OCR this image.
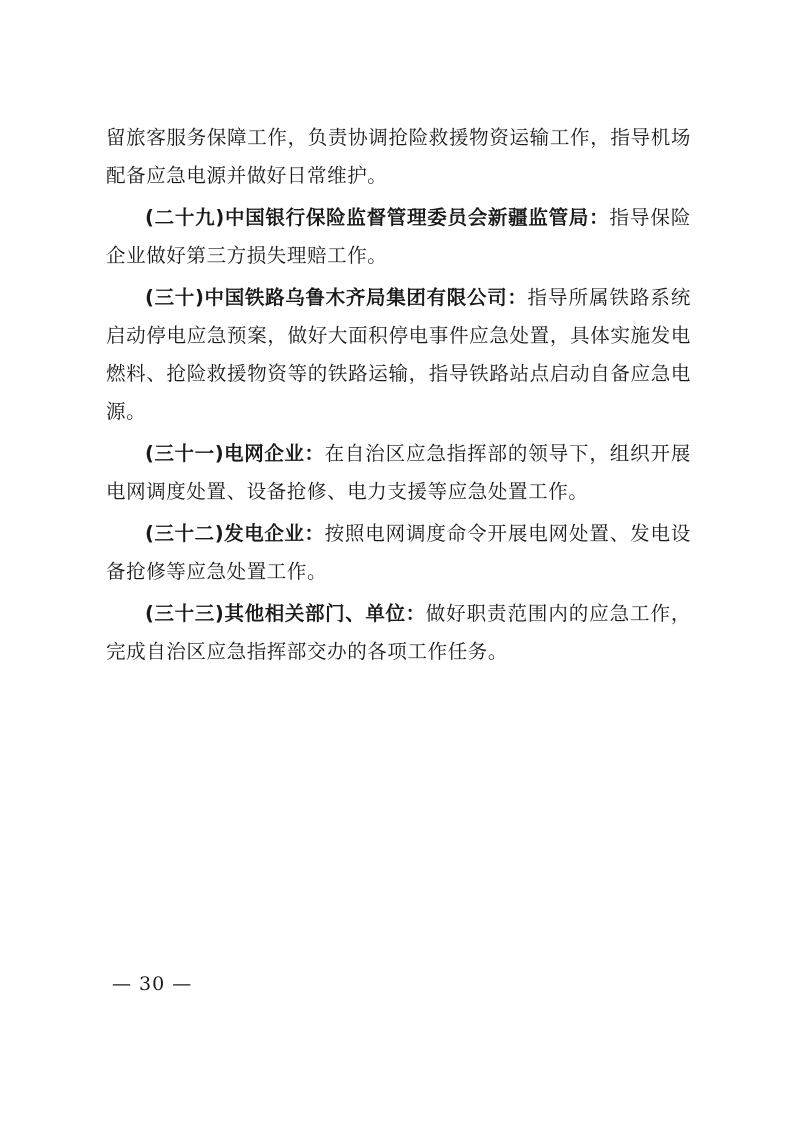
留旅客服务保障工作，负责协调抢险救援物资运输工作，指导机场配备应急电源并做好日常维护。

(二十九)中国银行保险监督管理委员会新疆监管局：指导保险企业做好第三方损失理赔工作。

(三十)中国铁路乌鲁木齐局集团有限公司：指导所属铁路系统启动停电应急预案，做好大面积停电事件应急处置，具体实施发电燃料、抢险救援物资等的铁路运输，指导铁路站点启动自备应急电源。

(三十一)电网企业：在自治区应急指挥部的领导下，组织开展电网调度处置、设备抢修、电力支援等应急处置工作。

(三十二)发电企业：按照电网调度命令开展电网处置、发电设备抢修等应急处置工作。

(三十三)其他相关部门、单位：做好职责范围内的应急工作，完成自治区应急指挥部交办的各项工作任务。

— 30 —
